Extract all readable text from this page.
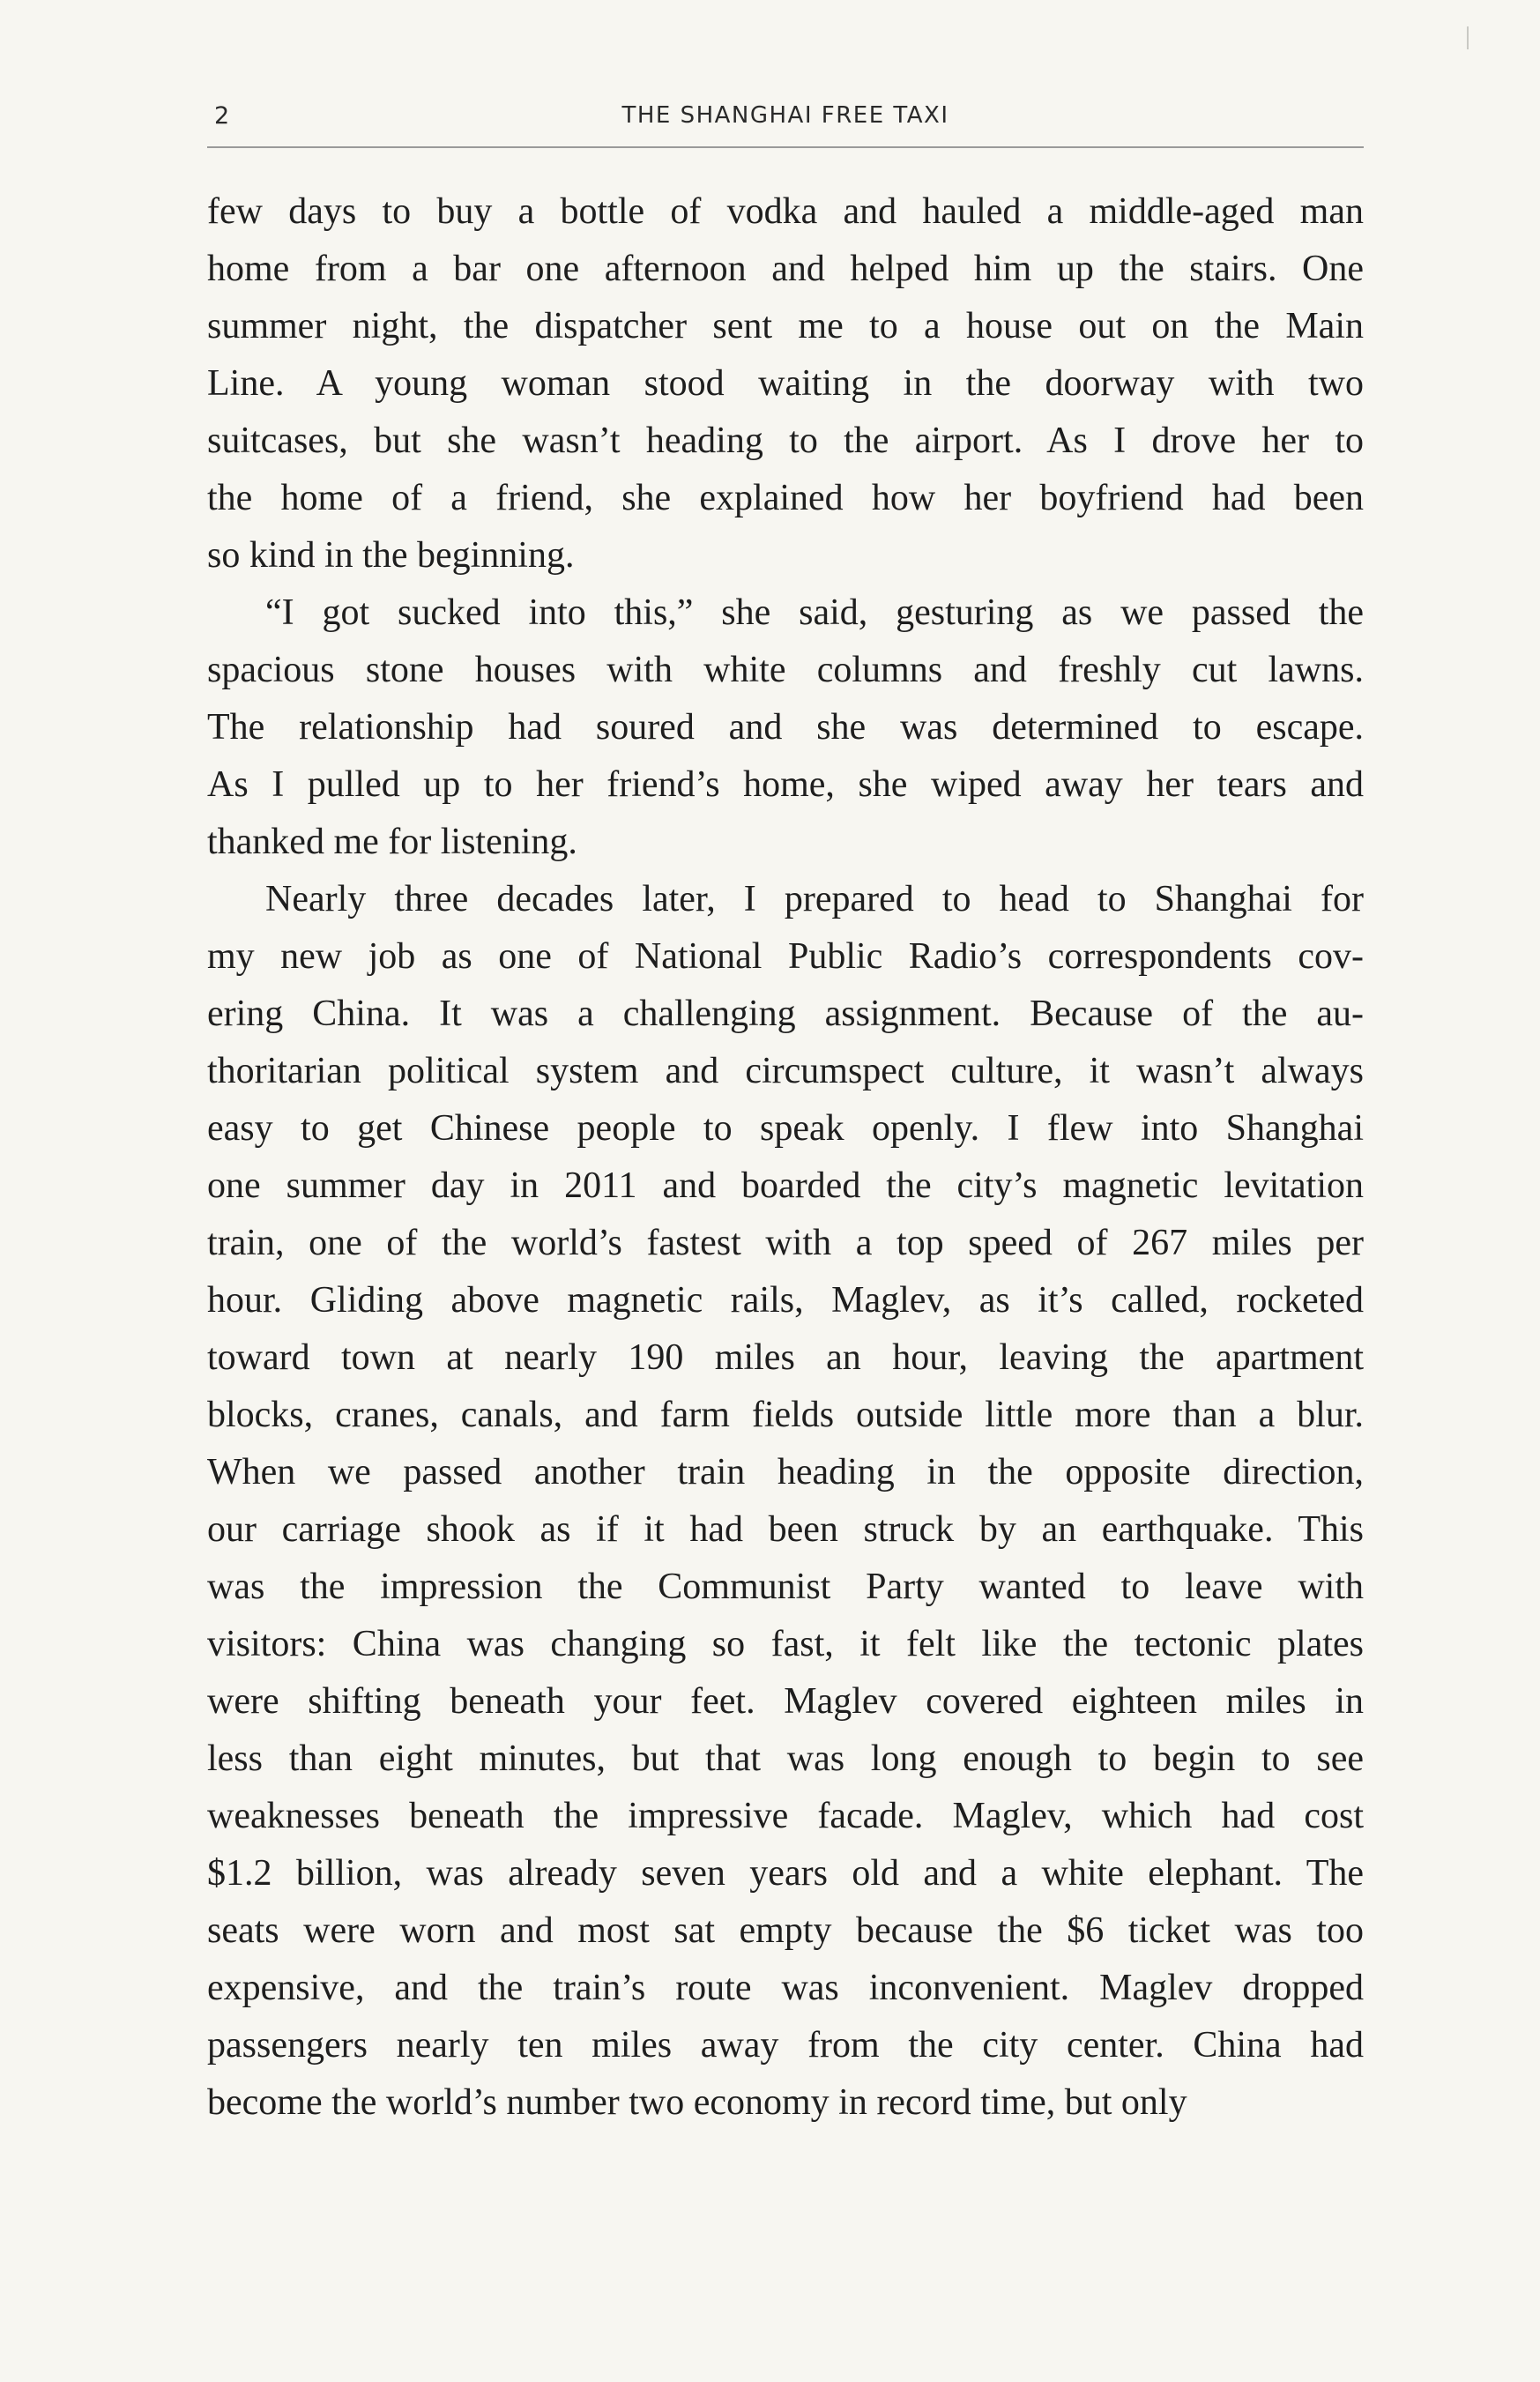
2	THE SHANGHAI FREE TAXI
few days to buy a bottle of vodka and hauled a middle-aged man
home from a bar one afternoon and helped him up the stairs. One
summer night, the dispatcher sent me to a house out on the Main
Line. A young woman stood waiting in the doorway with two
suitcases, but she wasn’t heading to the airport. As I drove her to
the home of a friend, she explained how her boyfriend had been
so kind in the beginning.
“I got sucked into this,” she said, gesturing as we passed the
spacious stone houses with white columns and freshly cut lawns.
The relationship had soured and she was determined to escape.
As I pulled up to her friend’s home, she wiped away her tears and
thanked me for listening.
Nearly three decades later, I prepared to head to Shanghai for
my new job as one of National Public Radio’s correspondents cov-
ering China. It was a challenging assignment. Because of the au-
thoritarian political system and circumspect culture, it wasn’t always
easy to get Chinese people to speak openly. I flew into Shanghai
one summer day in 2011 and boarded the city’s magnetic levitation
train, one of the world’s fastest with a top speed of 267 miles per
hour. Gliding above magnetic rails, Maglev, as it’s called, rocketed
toward town at nearly 190 miles an hour, leaving the apartment
blocks, cranes, canals, and farm fields outside little more than a blur.
When we passed another train heading in the opposite direction,
our carriage shook as if it had been struck by an earthquake. This
was the impression the Communist Party wanted to leave with
visitors: China was changing so fast, it felt like the tectonic plates
were shifting beneath your feet. Maglev covered eighteen miles in
less than eight minutes, but that was long enough to begin to see
weaknesses beneath the impressive facade. Maglev, which had cost
$1.2 billion, was already seven years old and a white elephant. The
seats were worn and most sat empty because the $6 ticket was too
expensive, and the train’s route was inconvenient. Maglev dropped
passengers nearly ten miles away from the city center. China had
become the world’s number two economy in record time, but only
